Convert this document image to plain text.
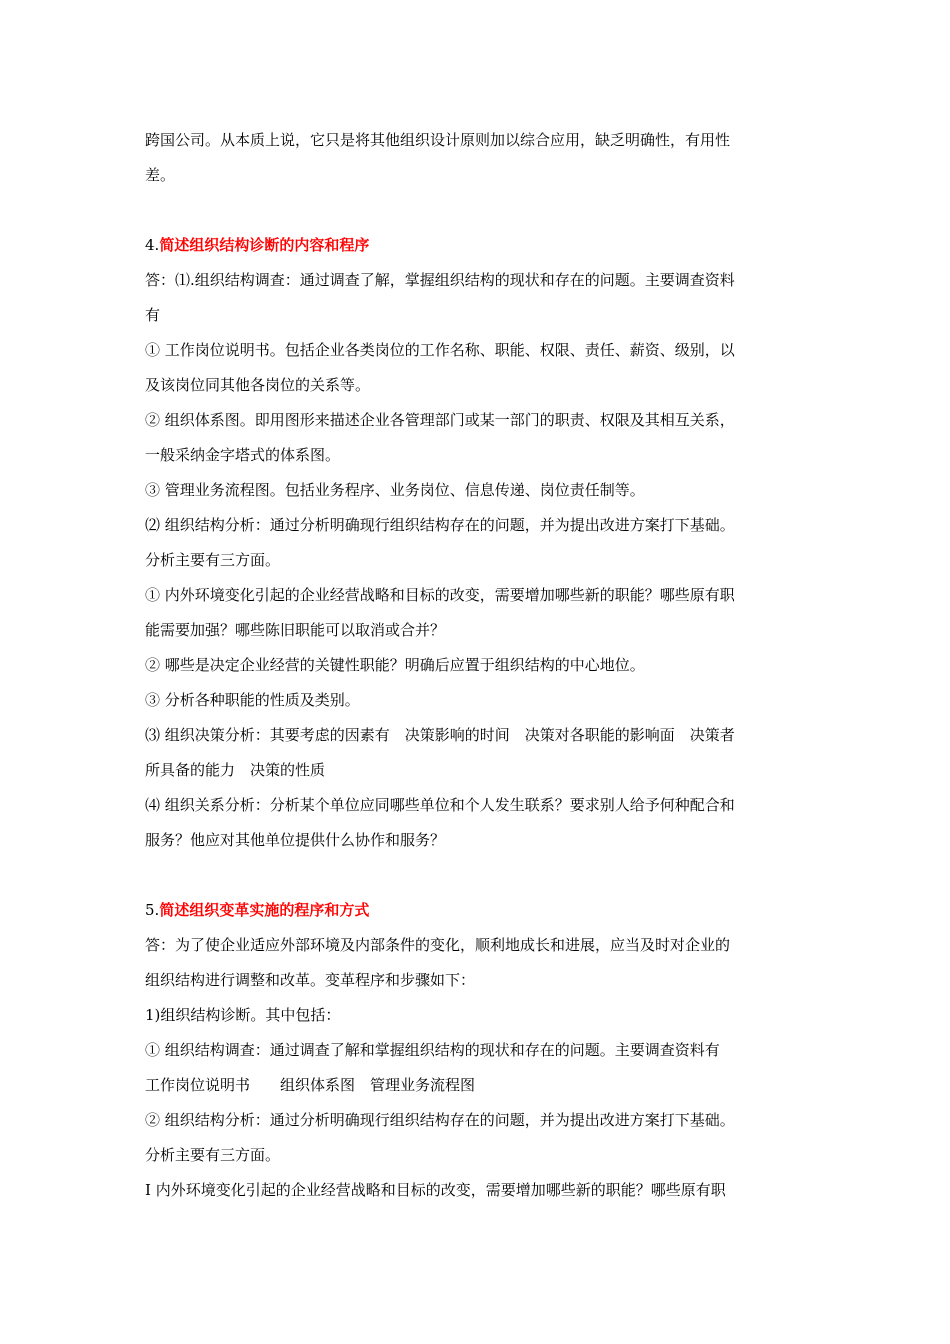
跨国公司。从本质上说，它只是将其他组织设计原则加以综合应用，缺乏明确性，有用性
差。
4.简述组织结构诊断的内容和程序
答：⑴.组织结构调查：通过调查了解，掌握组织结构的现状和存在的问题。主要调查资料
有
① 工作岗位说明书。包括企业各类岗位的工作名称、职能、权限、责任、薪资、级别，以
及该岗位同其他各岗位的关系等。
② 组织体系图。即用图形来描述企业各管理部门或某一部门的职责、权限及其相互关系，
一般采纳金字塔式的体系图。
③ 管理业务流程图。包括业务程序、业务岗位、信息传递、岗位责任制等。
⑵ 组织结构分析：通过分析明确现行组织结构存在的问题，并为提出改进方案打下基础。
分析主要有三方面。
① 内外环境变化引起的企业经营战略和目标的改变，需要增加哪些新的职能？哪些原有职
能需要加强？哪些陈旧职能可以取消或合并？
② 哪些是决定企业经营的关键性职能？明确后应置于组织结构的中心地位。
③ 分析各种职能的性质及类别。
⑶ 组织决策分析：其要考虑的因素有　决策影响的时间　决策对各职能的影响面　决策者
所具备的能力　决策的性质
⑷ 组织关系分析：分析某个单位应同哪些单位和个人发生联系？要求别人给予何种配合和
服务？他应对其他单位提供什么协作和服务？
5.简述组织变革实施的程序和方式
答：为了使企业适应外部环境及内部条件的变化，顺利地成长和进展，应当及时对企业的
组织结构进行调整和改革。变革程序和步骤如下：
1)组织结构诊断。其中包括：
① 组织结构调查：通过调查了解和掌握组织结构的现状和存在的问题。主要调查资料有
工作岗位说明书　　组织体系图　管理业务流程图
② 组织结构分析：通过分析明确现行组织结构存在的问题，并为提出改进方案打下基础。
分析主要有三方面。
Ⅰ 内外环境变化引起的企业经营战略和目标的改变，需要增加哪些新的职能？哪些原有职
